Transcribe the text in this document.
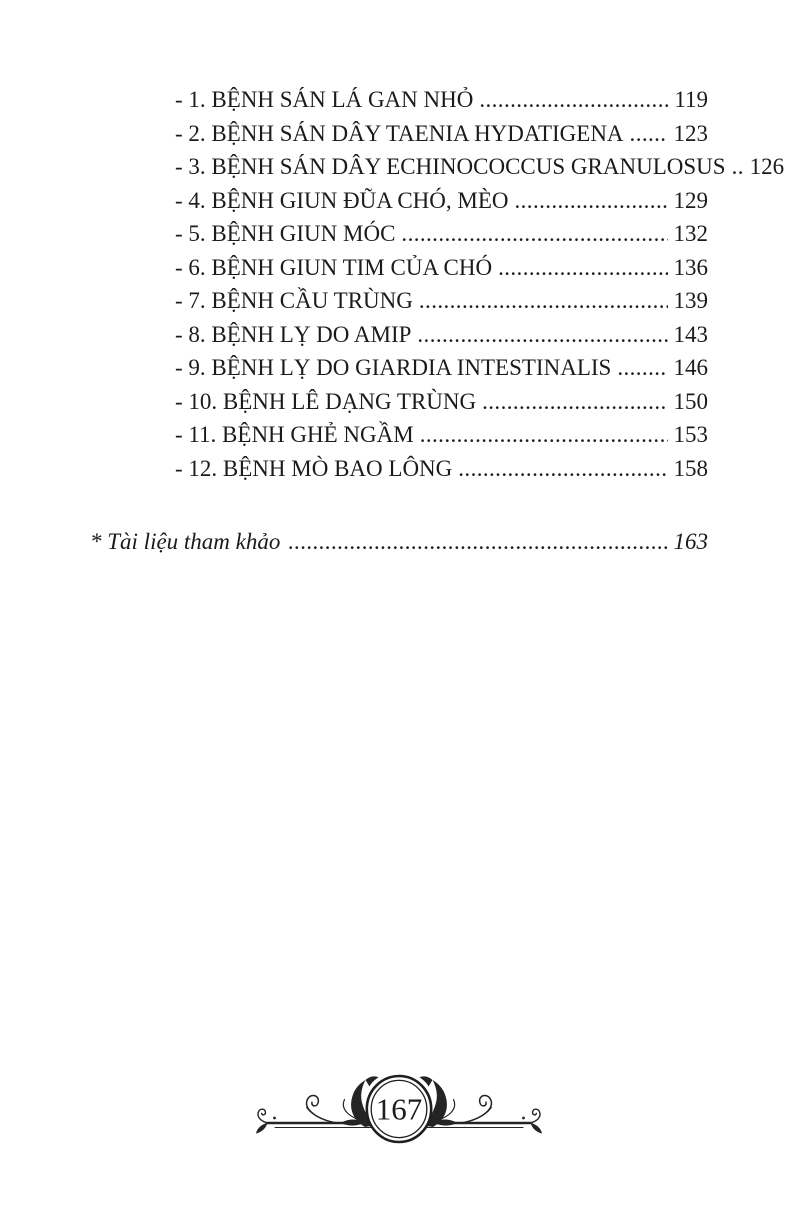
- 1. BỆNH SÁN LÁ GAN NHỎ .....	119
- 2. BỆNH SÁN DÂY TAENIA HYDATIGENA ..... 123
- 3. BỆNH SÁN DÂY ECHINOCOCCUS GRANULOSUS ..... 126
- 4. BỆNH GIUN ĐŨA CHÓ, MÈO .....	129
- 5. BỆNH GIUN MÓC .....	132
- 6. BỆNH GIUN TIM CỦA CHÓ .....	136
- 7. BỆNH CẦU TRÙNG .....	139
- 8. BỆNH LỴ DO AMIP .....	143
- 9. BỆNH LỴ DO GIARDIA INTESTINALIS .....	146
- 10. BỆNH LÊ DẠNG TRÙNG .....	150
- 11. BỆNH GHẺ NGẦM .....	153
- 12. BỆNH MÒ BAO LÔNG .....	158
* Tài liệu tham khảo .....	163
167
